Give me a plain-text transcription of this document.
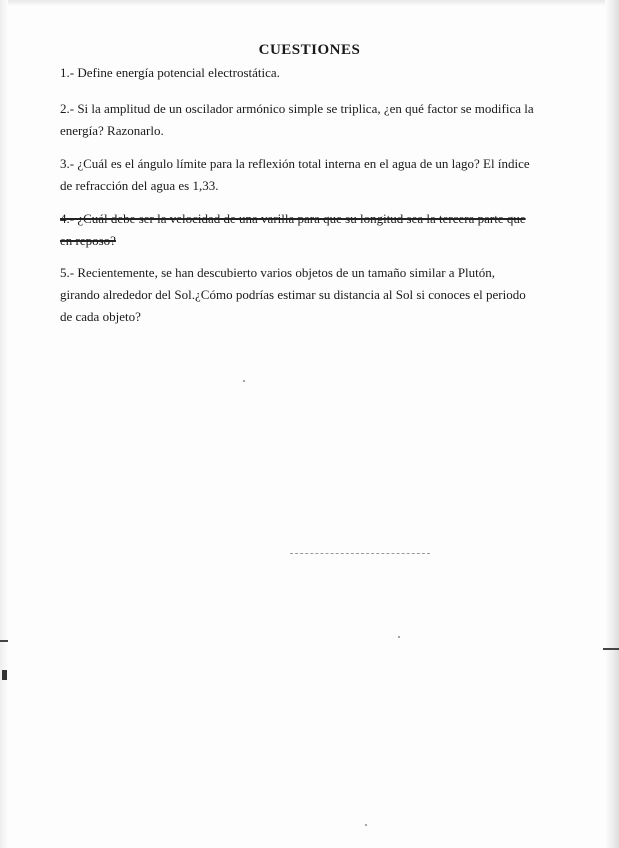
CUESTIONES

1.- Define energía potencial electrostática.

2.- Si la amplitud de un oscilador armónico simple se triplica, ¿en qué factor se modifica la energía? Razonarlo.

3.- ¿Cuál es el ángulo límite para la reflexión total interna en el agua de un lago? El índice de refracción del agua es 1,33.

4.- ¿Cuál debe ser la velocidad de una varilla para que su longitud sea la tercera parte que en reposo?

5.- Recientemente, se han descubierto varios objetos de un tamaño similar a Plutón, girando alrededor del Sol.¿Cómo podrías estimar su distancia al Sol si conoces el periodo de cada objeto?
